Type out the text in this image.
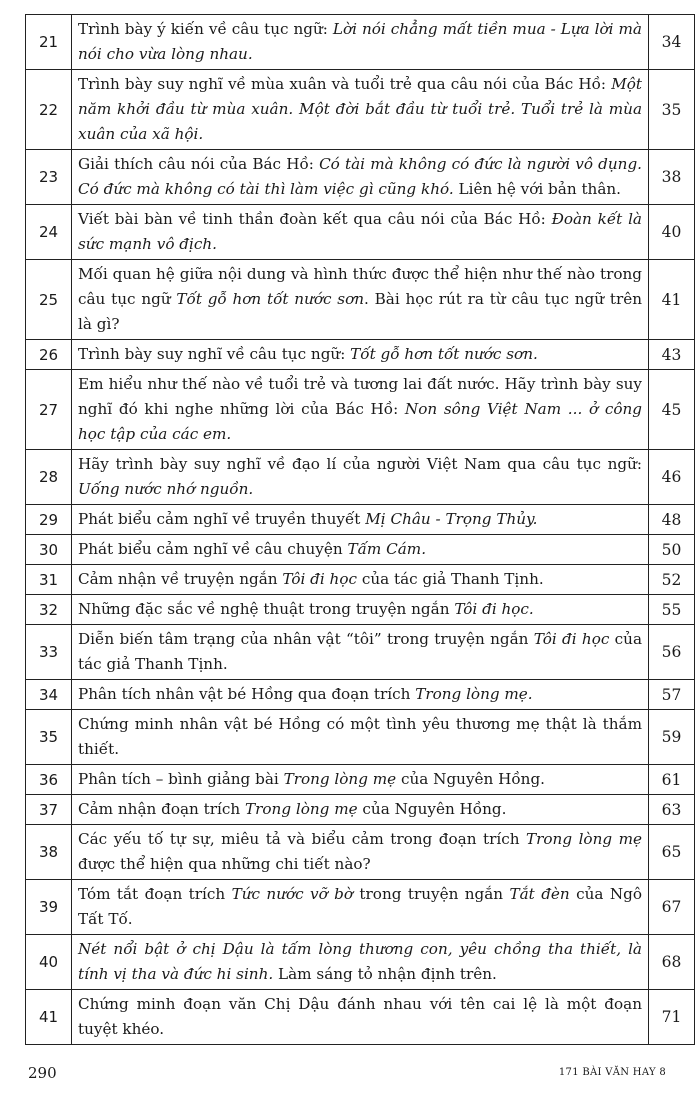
21	Trình bày ý kiến về câu tục ngữ: Lời nói chẳng mất tiền mua - Lựa lời mà nói cho vừa lòng nhau.	34
22	Trình bày suy nghĩ về mùa xuân và tuổi trẻ qua câu nói của Bác Hồ: Một năm khởi đầu từ mùa xuân. Một đời bắt đầu từ tuổi trẻ. Tuổi trẻ là mùa xuân của xã hội.	35
23	Giải thích câu nói của Bác Hồ: Có tài mà không có đức là người vô dụng. Có đức mà không có tài thì làm việc gì cũng khó. Liên hệ với bản thân.	38
24	Viết bài bàn về tinh thần đoàn kết qua câu nói của Bác Hồ: Đoàn kết là sức mạnh vô địch.	40
25	Mối quan hệ giữa nội dung và hình thức được thể hiện như thế nào trong câu tục ngữ Tốt gỗ hơn tốt nước sơn. Bài học rút ra từ câu tục ngữ trên là gì?	41
26	Trình bày suy nghĩ về câu tục ngữ: Tốt gỗ hơn tốt nước sơn.	43
27	Em hiểu như thế nào về tuổi trẻ và tương lai đất nước. Hãy trình bày suy nghĩ đó khi nghe những lời của Bác Hồ: Non sông Việt Nam ... ở công học tập của các em.	45
28	Hãy trình bày suy nghĩ về đạo lí của người Việt Nam qua câu tục ngữ: Uống nước nhớ nguồn.	46
29	Phát biểu cảm nghĩ về truyền thuyết Mị Châu - Trọng Thủy.	48
30	Phát biểu cảm nghĩ về câu chuyện Tấm Cám.	50
31	Cảm nhận về truyện ngắn Tôi đi học của tác giả Thanh Tịnh.	52
32	Những đặc sắc về nghệ thuật trong truyện ngắn Tôi đi học.	55
33	Diễn biến tâm trạng của nhân vật “tôi” trong truyện ngắn Tôi đi học của tác giả Thanh Tịnh.	56
34	Phân tích nhân vật bé Hồng qua đoạn trích Trong lòng mẹ.	57
35	Chứng minh nhân vật bé Hồng có một tình yêu thương mẹ thật là thắm thiết.	59
36	Phân tích – bình giảng bài Trong lòng mẹ của Nguyên Hồng.	61
37	Cảm nhận đoạn trích Trong lòng mẹ của Nguyên Hồng.	63
38	Các yếu tố tự sự, miêu tả và biểu cảm trong đoạn trích Trong lòng mẹ được thể hiện qua những chi tiết nào?	65
39	Tóm tắt đoạn trích Tức nước vỡ bờ trong truyện ngắn Tắt đèn của Ngô Tất Tố.	67
40	Nét nổi bật ở chị Dậu là tấm lòng thương con, yêu chồng tha thiết, là tính vị tha và đức hi sinh. Làm sáng tỏ nhận định trên.	68
41	Chứng minh đoạn văn Chị Dậu đánh nhau với tên cai lệ là một đoạn tuyệt khéo.	71
290	171 BÀI VĂN HAY 8
